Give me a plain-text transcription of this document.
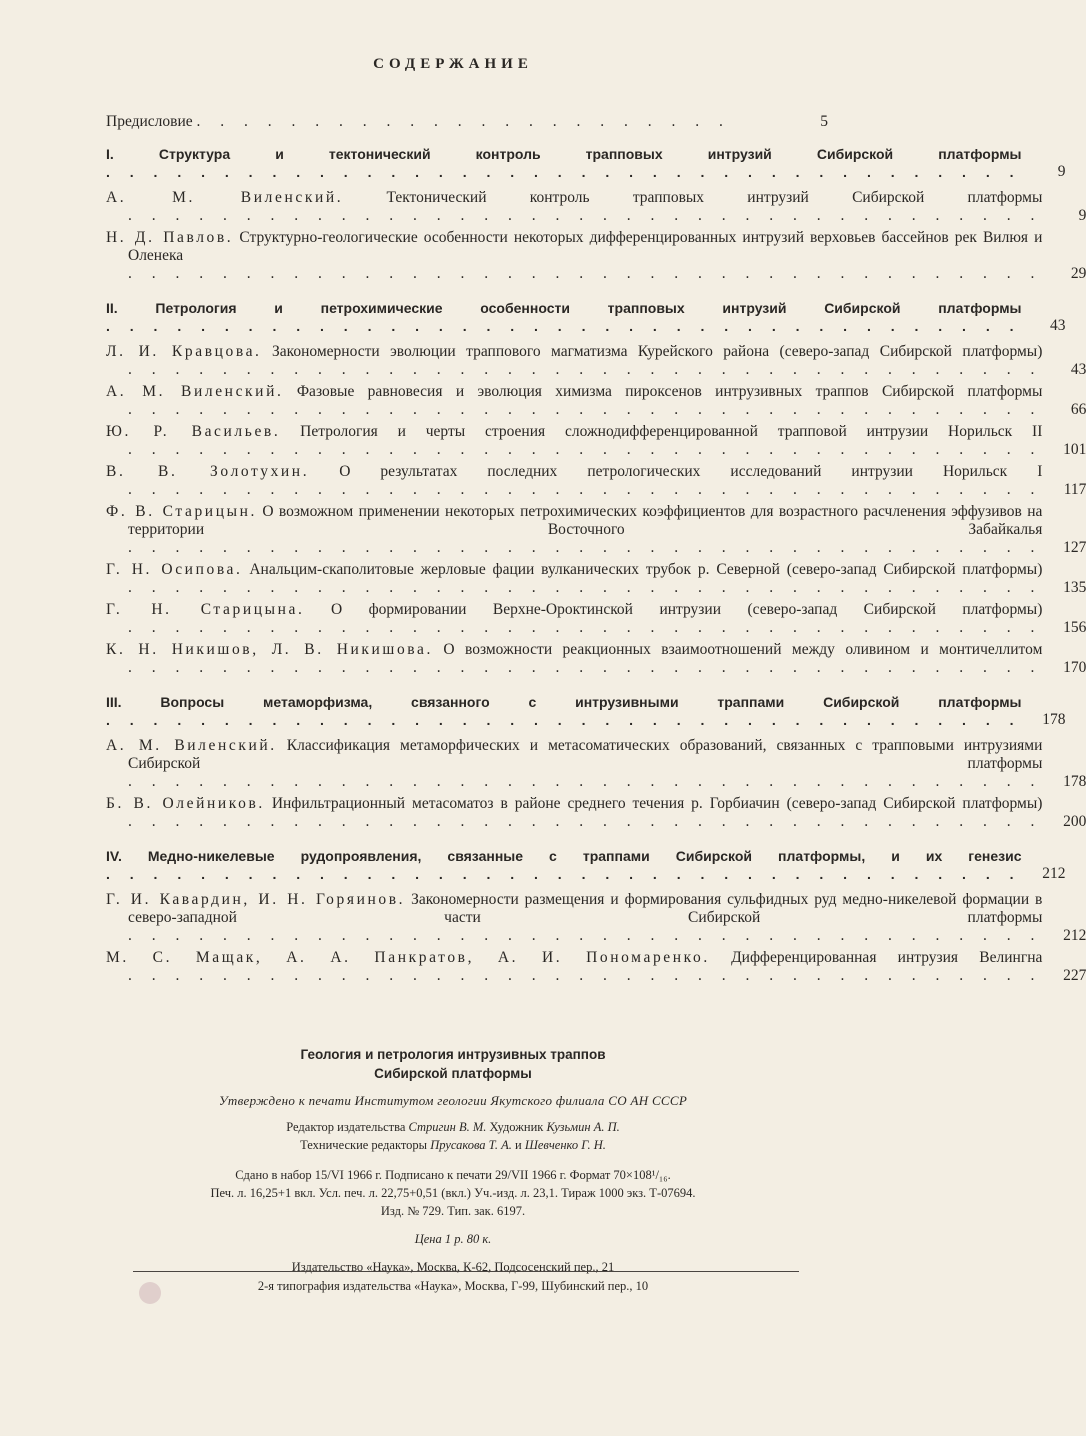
СОДЕРЖАНИЕ
Предисловие . . . . . . . . . . . . . . . . . . . . . . .	5
I. Структура и тектонический контроль трапповых интрузий Сибирской платформы . . . . . . . . . . . . . . . . . . . . . . . . . . . . . . . . . . . . . . .	9
А. М. Виленский.	Тектонический контроль трапповых интрузий Сибирской платформы . . . . . . . . . . . . . . . . . . . . . . . . . . . . . . . . . . . . . . .	9
Н. Д. Павлов. Структурно-геологические особенности некоторых дифференцированных интрузий верховьев бассейнов рек Вилюя и Оленека . . . . . . . . . . . . . . . . . . . . . . . . . . . . . . . . . . . . . . .	29
II. Петрология и петрохимические особенности трапповых интрузий Сибирской платформы . . . . . . . . . . . . . . . . . . . . . . . . . . . . . . . . . . . . . . .	43
Л. И. Кравцова. Закономерности эволюции траппового магматизма Курейского района (северо-запад Сибирской платформы) . . . . . . . . . . . . . . . . . . . . . . . . . . . . . . . . . . . . . . .	43
А. М. Виленский. Фазовые равновесия и эволюция химизма пироксенов интрузивных траппов Сибирской платформы . . . . . . . . . . . . . . . . . . . . . . . . . . . . . . . . . . . . . . .	66
Ю. Р. Васильев. Петрология и черты строения сложнодифференцированной трапповой интрузии Норильск II . . . . . . . . . . . . . . . . . . . . . . . . . . . . . . . . . . . . . . .	101
В. В. Золотухин. О результатах последних петрологических исследований интрузии Норильск I . . . . . . . . . . . . . . . . . . . . . . . . . . . . . . . . . . . . . . .	117
Ф. В. Старицын. О возможном применении некоторых петрохимических коэффициентов для возрастного расчленения эффузивов на территории Восточного Забайкалья . . . . . . . . . . . . . . . . . . . . . . . . . . . . . . . . . . . . . . .	127
Г. Н. Осипова. Анальцим-скаполитовые жерловые фации вулканических трубок р. Северной (северо-запад Сибирской платформы) . . . . . . . . . . . . . . . . . . . . . . . . . . . . . . . . . . . . . . .	135
Г. Н. Старицына. О формировании Верхне-Ороктинской интрузии (северо-запад Сибирской платформы) . . . . . . . . . . . . . . . . . . . . . . . . . . . . . . . . . . . . . . .	156
К. Н. Никишов, Л. В. Никишова. О возможности реакционных взаимоотношений между оливином и монтичеллитом . . . . . . . . . . . . . . . . . . . . . . . . . . . . . . . . . . . . . . .	170
III. Вопросы метаморфизма, связанного с интрузивными траппами Сибирской платформы . . . . . . . . . . . . . . . . . . . . . . . . . . . . . . . . . . . . . . .	178
А. М. Виленский. Классификация метаморфических и метасоматических образований, связанных с трапповыми интрузиями Сибирской платформы . . . . . . . . . . . . . . . . . . . . . . . . . . . . . . . . . . . . . . .	178
Б. В. Олейников. Инфильтрационный метасоматоз в районе среднего течения р. Горбиачин (северо-запад Сибирской платформы) . . . . . . . . . . . . . . . . . . . . . . . . . . . . . . . . . . . . . . .	200
IV. Медно-никелевые рудопроявления, связанные с траппами Сибирской платформы, и их генезис . . . . . . . . . . . . . . . . . . . . . . . . . . . . . . . . . . . . . . .	212
Г. И. Кавардин, И. Н. Горяинов. Закономерности размещения и формирования сульфидных руд медно-никелевой формации в северо-западной части Сибирской платформы . . . . . . . . . . . . . . . . . . . . . . . . . . . . . . . . . . . . . . .	212
М. С. Мащак, А. А. Панкратов, А. И. Пономаренко. Дифференцированная интрузия Велингна . . . . . . . . . . . . . . . . . . . . . . . . . . . . . . . . . . . . . . .	227
Геология и петрология интрузивных траппов
Сибирской платформы
Утверждено к печати Институтом геологии Якутского филиала СО АН СССР
Редактор издательства Стригин В. М. Художник Кузьмин А. П.
Технические редакторы Прусакова Т. А. и Шевченко Г. Н.
Сдано в набор 15/VI 1966 г. Подписано к печати 29/VII 1966 г. Формат 70×108¹/₁₆.
Печ. л. 16,25+1 вкл. Усл. печ. л. 22,75+0,51 (вкл.) Уч.-изд. л. 23,1. Тираж 1000 экз. Т-07694.
Изд. № 729. Тип. зак. 6197.
Цена 1 р. 80 к.
Издательство «Наука», Москва, К-62, Подсосенский пер., 21
2-я типография издательства «Наука», Москва, Г-99, Шубинский пер., 10
